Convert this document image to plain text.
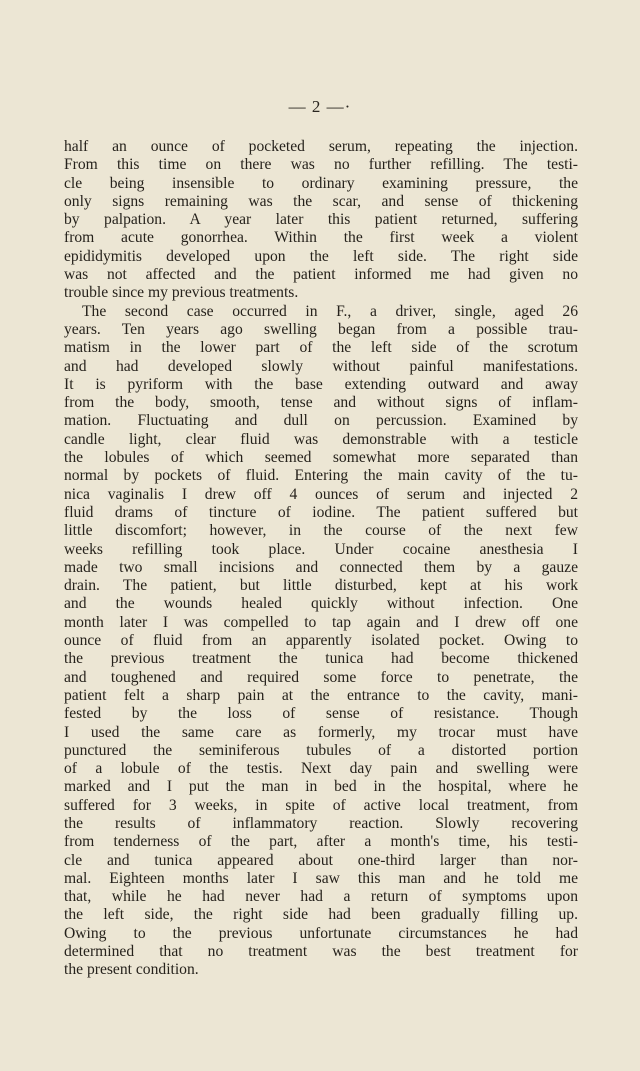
— 2 —·
half an ounce of pocketed serum, repeating the injection.
From this time on there was no further refilling. The testi-
cle being insensible to ordinary examining pressure, the
only signs remaining was the scar, and sense of thickening
by palpation. A year later this patient returned, suffering
from acute gonorrhea. Within the first week a violent
epididymitis developed upon the left side. The right side
was not affected and the patient informed me had given no
trouble since my previous treatments.
The second case occurred in F., a driver, single, aged 26
years. Ten years ago swelling began from a possible trau-
matism in the lower part of the left side of the scrotum
and had developed slowly without painful manifestations.
It is pyriform with the base extending outward and away
from the body, smooth, tense and without signs of inflam-
mation. Fluctuating and dull on percussion. Examined by
candle light, clear fluid was demonstrable with a testicle
the lobules of which seemed somewhat more separated than
normal by pockets of fluid. Entering the main cavity of the tu-
nica vaginalis I drew off 4 ounces of serum and injected 2
fluid drams of tincture of iodine. The patient suffered but
little discomfort; however, in the course of the next few
weeks refilling took place. Under cocaine anesthesia I
made two small incisions and connected them by a gauze
drain. The patient, but little disturbed, kept at his work
and the wounds healed quickly without infection. One
month later I was compelled to tap again and I drew off one
ounce of fluid from an apparently isolated pocket. Owing to
the previous treatment the tunica had become thickened
and toughened and required some force to penetrate, the
patient felt a sharp pain at the entrance to the cavity, mani-
fested by the loss of sense of resistance. Though
I used the same care as formerly, my trocar must have
punctured the seminiferous tubules of a distorted portion
of a lobule of the testis. Next day pain and swelling were
marked and I put the man in bed in the hospital, where he
suffered for 3 weeks, in spite of active local treatment, from
the results of inflammatory reaction. Slowly recovering
from tenderness of the part, after a month's time, his testi-
cle and tunica appeared about one-third larger than nor-
mal. Eighteen months later I saw this man and he told me
that, while he had never had a return of symptoms upon
the left side, the right side had been gradually filling up.
Owing to the previous unfortunate circumstances he had
determined that no treatment was the best treatment for
the present condition.
